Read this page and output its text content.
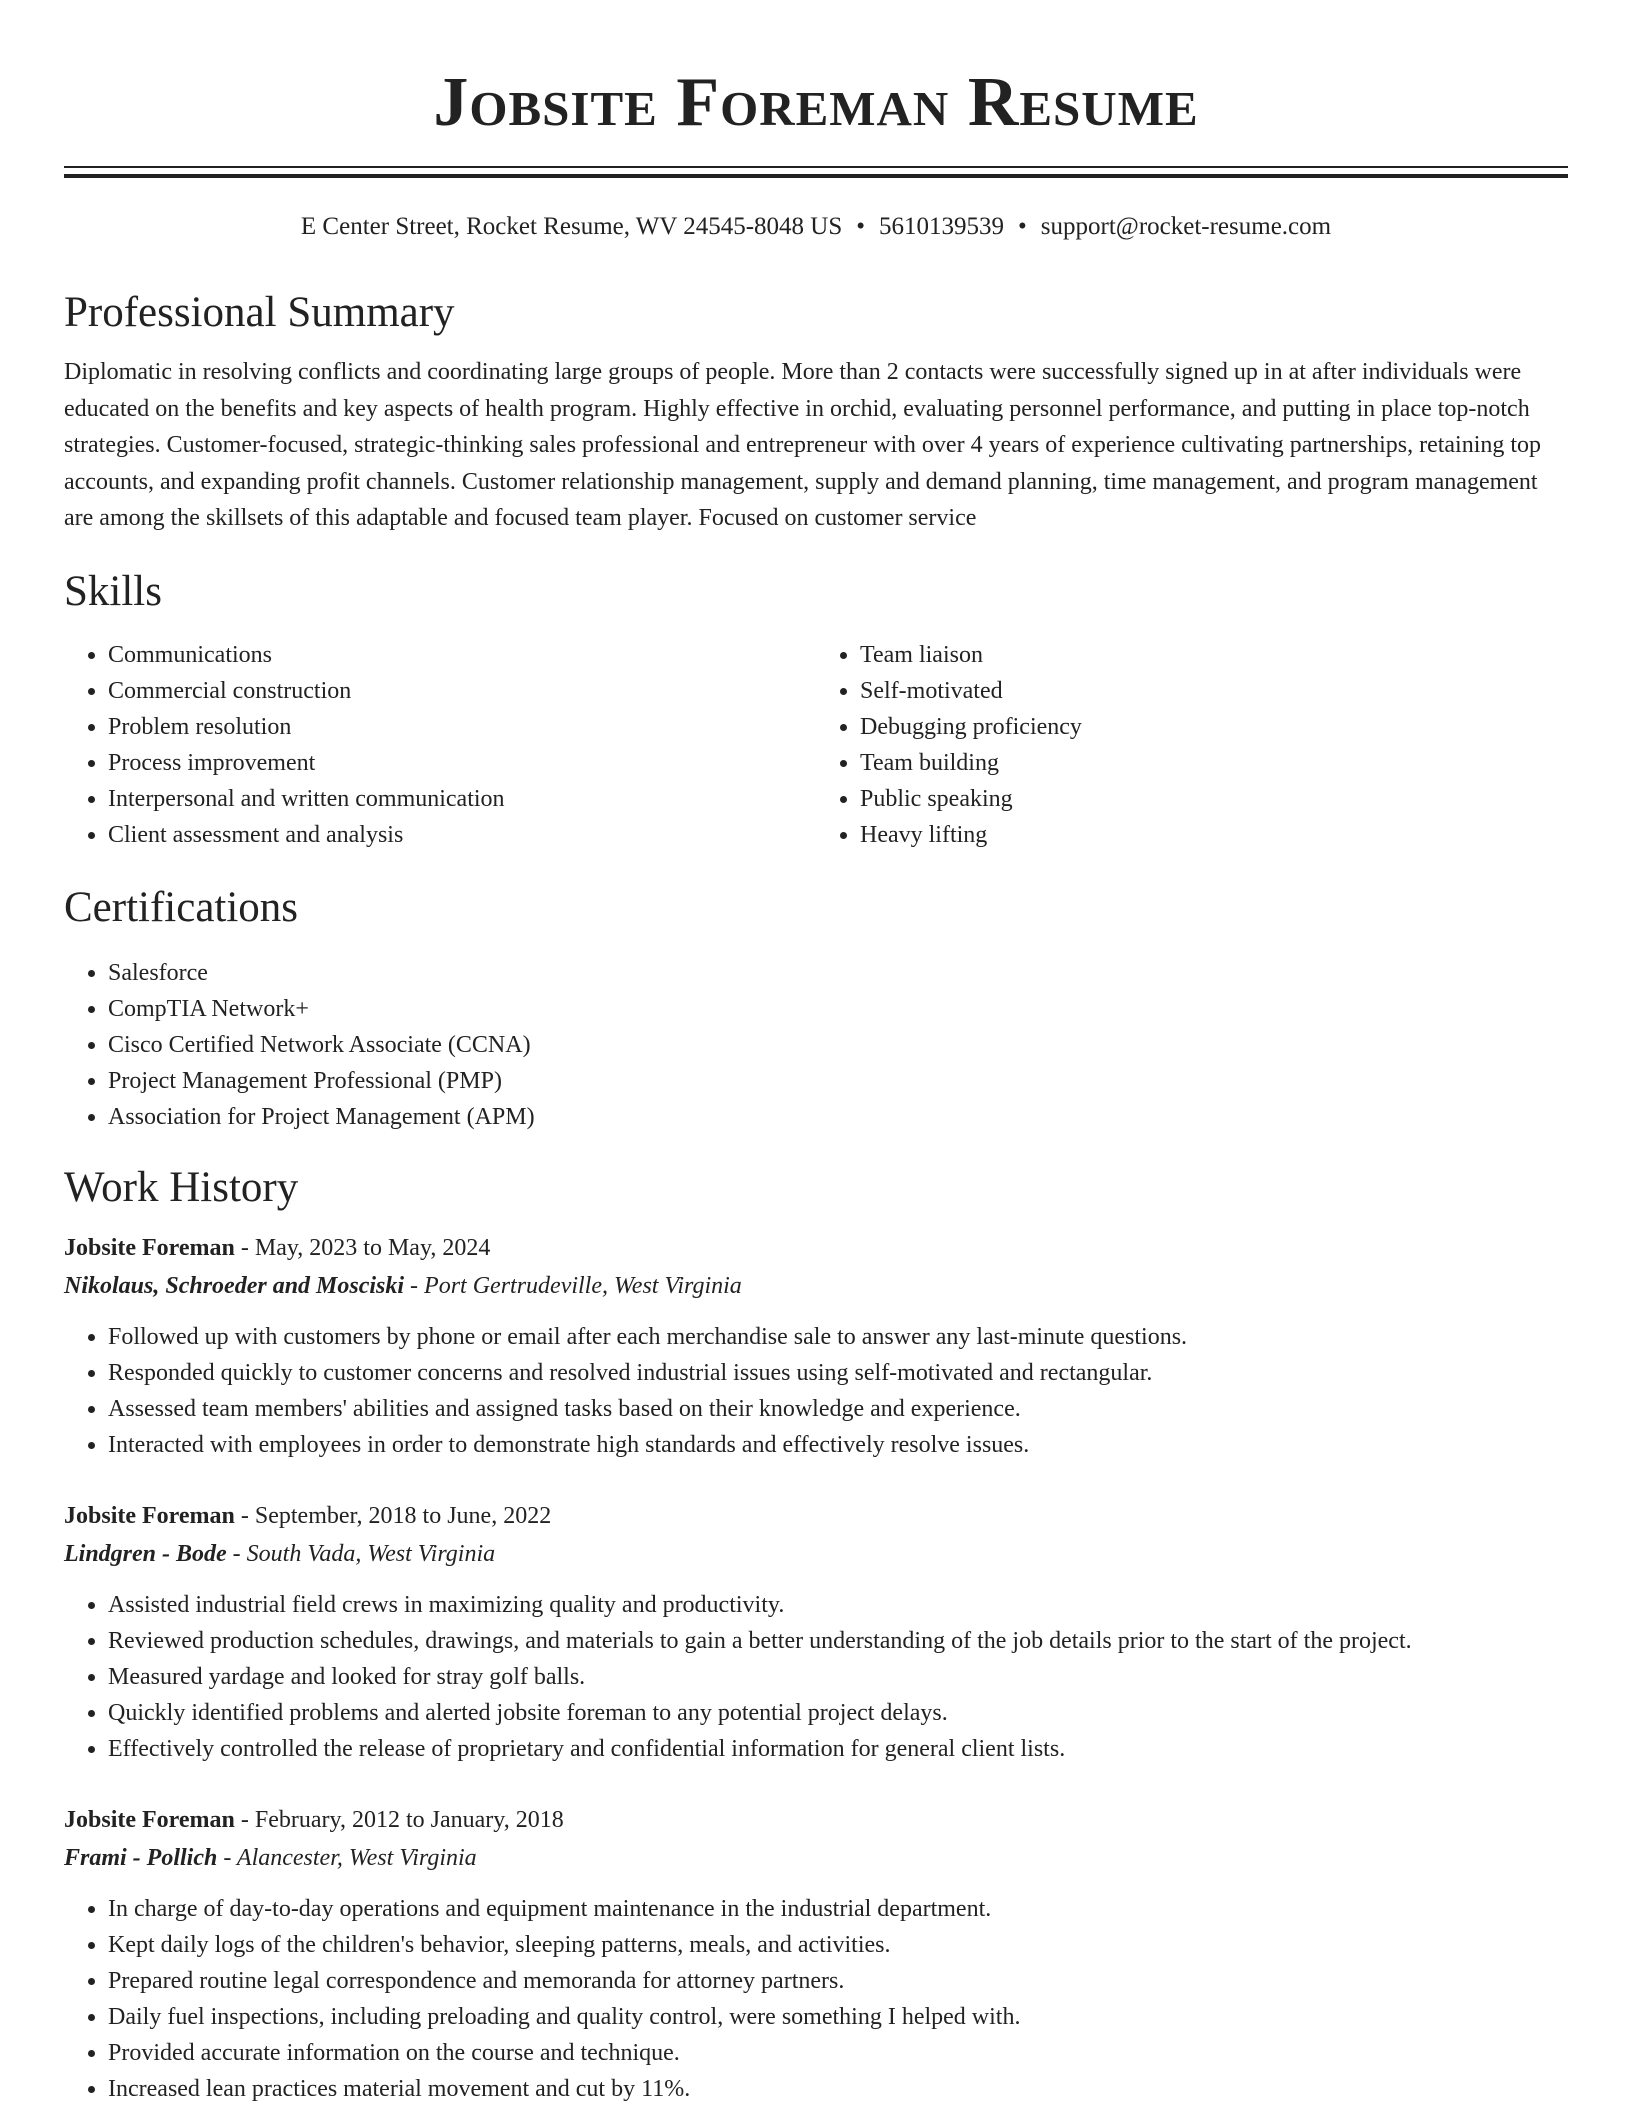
Jobsite Foreman Resume
E Center Street, Rocket Resume, WV 24545-8048 US • 5610139539 • support@rocket-resume.com
Professional Summary

Diplomatic in resolving conflicts and coordinating large groups of people. More than 2 contacts were successfully signed up in at after individuals were educated on the benefits and key aspects of health program. Highly effective in orchid, evaluating personnel performance, and putting in place top-notch strategies. Customer-focused, strategic-thinking sales professional and entrepreneur with over 4 years of experience cultivating partnerships, retaining top accounts, and expanding profit channels. Customer relationship management, supply and demand planning, time management, and program management are among the skillsets of this adaptable and focused team player. Focused on customer service

Skills
• Communications
• Commercial construction
• Problem resolution
• Process improvement
• Interpersonal and written communication
• Client assessment and analysis
• Team liaison
• Self-motivated
• Debugging proficiency
• Team building
• Public speaking
• Heavy lifting
Certifications
• Salesforce
• CompTIA Network+
• Cisco Certified Network Associate (CCNA)
• Project Management Professional (PMP)
• Association for Project Management (APM)
Work History
Jobsite Foreman - May, 2023 to May, 2024
Nikolaus, Schroeder and Mosciski - Port Gertrudeville, West Virginia
• Followed up with customers by phone or email after each merchandise sale to answer any last-minute questions.
• Responded quickly to customer concerns and resolved industrial issues using self-motivated and rectangular.
• Assessed team members' abilities and assigned tasks based on their knowledge and experience.
• Interacted with employees in order to demonstrate high standards and effectively resolve issues.
Jobsite Foreman - September, 2018 to June, 2022
Lindgren - Bode - South Vada, West Virginia
• Assisted industrial field crews in maximizing quality and productivity.
• Reviewed production schedules, drawings, and materials to gain a better understanding of the job details prior to the start of the project.
• Measured yardage and looked for stray golf balls.
• Quickly identified problems and alerted jobsite foreman to any potential project delays.
• Effectively controlled the release of proprietary and confidential information for general client lists.
Jobsite Foreman - February, 2012 to January, 2018
Frami - Pollich - Alancester, West Virginia
• In charge of day-to-day operations and equipment maintenance in the industrial department.
• Kept daily logs of the children's behavior, sleeping patterns, meals, and activities.
• Prepared routine legal correspondence and memoranda for attorney partners.
• Daily fuel inspections, including preloading and quality control, were something I helped with.
• Provided accurate information on the course and technique.
• Increased lean practices material movement and cut by 11%.
